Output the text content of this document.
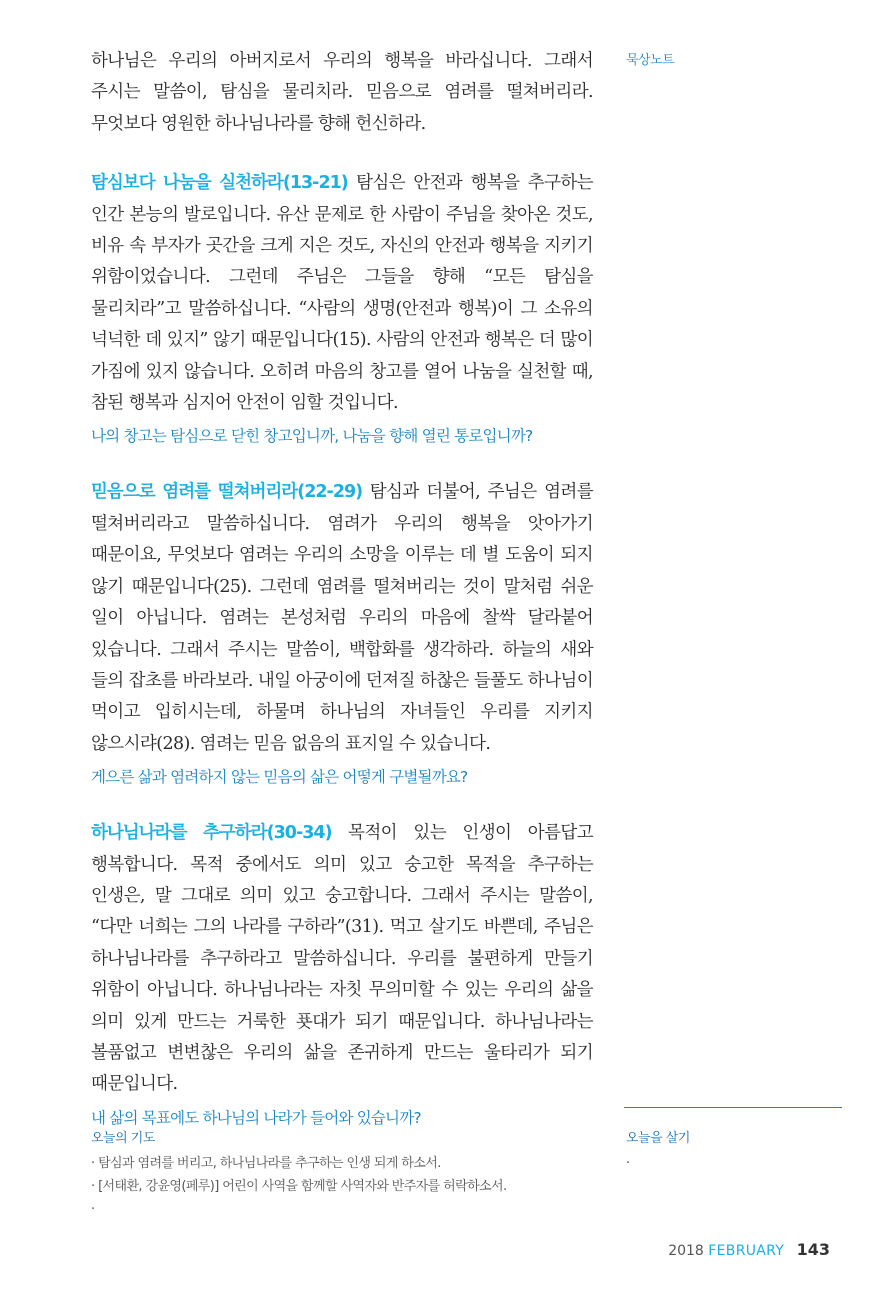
하나님은 우리의 아버지로서 우리의 행복을 바라십니다. 그래서 주시는 말씀이, 탐심을 물리치라. 믿음으로 염려를 떨쳐버리라. 무엇보다 영원한 하나님나라를 향해 헌신하라.

탐심보다 나눔을 실천하라(13-21) 탐심은 안전과 행복을 추구하는 인간 본능의 발로입니다. 유산 문제로 한 사람이 주님을 찾아온 것도, 비유 속 부자가 곳간을 크게 지은 것도, 자신의 안전과 행복을 지키기 위함이었습니다. 그런데 주님은 그들을 향해 “모든 탐심을 물리치라”고 말씀하십니다. “사람의 생명(안전과 행복)이 그 소유의 넉넉한 데 있지” 않기 때문입니다(15). 사람의 안전과 행복은 더 많이 가짐에 있지 않습니다. 오히려 마음의 창고를 열어 나눔을 실천할 때, 참된 행복과 심지어 안전이 임할 것입니다.

나의 창고는 탐심으로 닫힌 창고입니까, 나눔을 향해 열린 통로입니까?

믿음으로 염려를 떨쳐버리라(22-29) 탐심과 더불어, 주님은 염려를 떨쳐버리라고 말씀하십니다. 염려가 우리의 행복을 앗아가기 때문이요, 무엇보다 염려는 우리의 소망을 이루는 데 별 도움이 되지 않기 때문입니다(25). 그런데 염려를 떨쳐버리는 것이 말처럼 쉬운 일이 아닙니다. 염려는 본성처럼 우리의 마음에 찰싹 달라붙어 있습니다. 그래서 주시는 말씀이, 백합화를 생각하라. 하늘의 새와 들의 잡초를 바라보라. 내일 아궁이에 던져질 하찮은 들풀도 하나님이 먹이고 입히시는데, 하물며 하나님의 자녀들인 우리를 지키지 않으시랴(28). 염려는 믿음 없음의 표지일 수 있습니다.

게으른 삶과 염려하지 않는 믿음의 삶은 어떻게 구별될까요?

하나님나라를 추구하라(30-34) 목적이 있는 인생이 아름답고 행복합니다. 목적 중에서도 의미 있고 숭고한 목적을 추구하는 인생은, 말 그대로 의미 있고 숭고합니다. 그래서 주시는 말씀이, “다만 너희는 그의 나라를 구하라”(31). 먹고 살기도 바쁜데, 주님은 하나님나라를 추구하라고 말씀하십니다. 우리를 불편하게 만들기 위함이 아닙니다. 하나님나라는 자칫 무의미할 수 있는 우리의 삶을 의미 있게 만드는 거룩한 푯대가 되기 때문입니다. 하나님나라는 볼품없고 변변찮은 우리의 삶을 존귀하게 만드는 울타리가 되기 때문입니다.

내 삶의 목표에도 하나님의 나라가 들어와 있습니까?

묵상노트
오늘의 기도
· 탐심과 염려를 버리고, 하나님나라를 추구하는 인생 되게 하소서.
· [서태환, 강윤영(페루)] 어린이 사역을 함께할 사역자와 반주자를 허락하소서.
·
오늘을 살기
·
2018 FEBRUARY 143
